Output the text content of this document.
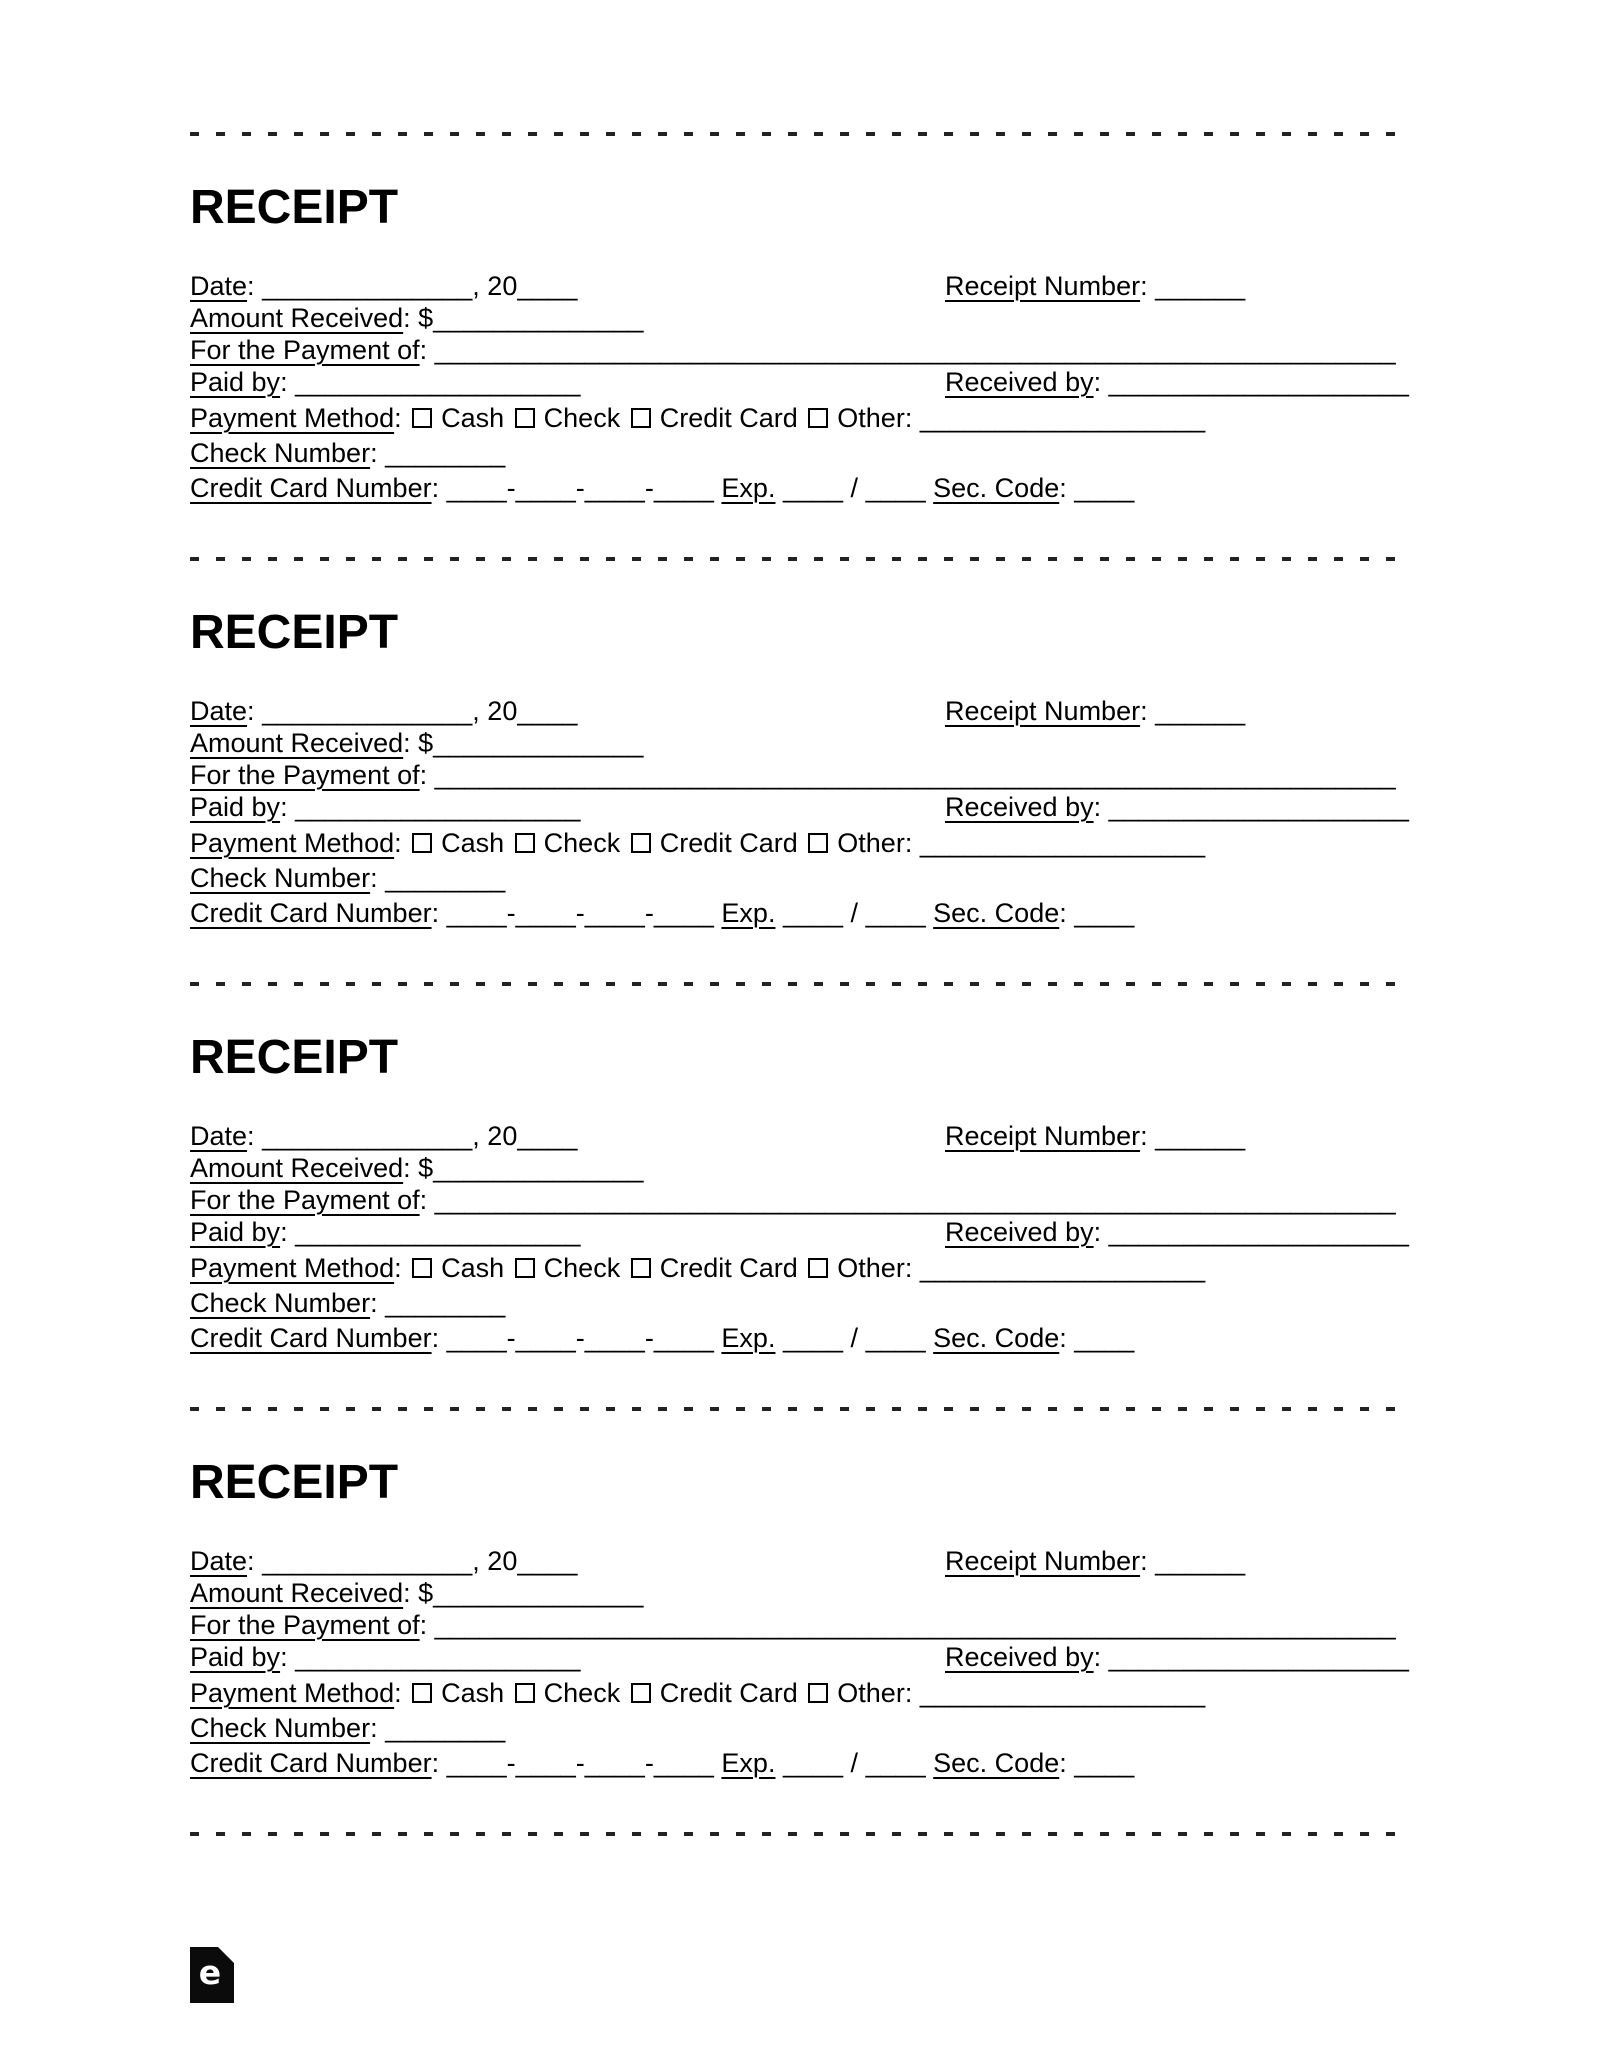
RECEIPT
Date: ______________, 20____	Receipt Number: ______
Amount Received: $______________
For the Payment of: ________________________________________________________________
Paid by: ___________________	Received by: ____________________
Payment Method: Cash Check Credit Card Other: ___________________
Check Number: ________
Credit Card Number: ____-____-____-____ Exp. ____ / ____ Sec. Code: ____
RECEIPT
Date: ______________, 20____	Receipt Number: ______
Amount Received: $______________
For the Payment of: ________________________________________________________________
Paid by: ___________________	Received by: ____________________
Payment Method: Cash Check Credit Card Other: ___________________
Check Number: ________
Credit Card Number: ____-____-____-____ Exp. ____ / ____ Sec. Code: ____
RECEIPT
Date: ______________, 20____	Receipt Number: ______
Amount Received: $______________
For the Payment of: ________________________________________________________________
Paid by: ___________________	Received by: ____________________
Payment Method: Cash Check Credit Card Other: ___________________
Check Number: ________
Credit Card Number: ____-____-____-____ Exp. ____ / ____ Sec. Code: ____
RECEIPT
Date: ______________, 20____	Receipt Number: ______
Amount Received: $______________
For the Payment of: ________________________________________________________________
Paid by: ___________________	Received by: ____________________
Payment Method: Cash Check Credit Card Other: ___________________
Check Number: ________
Credit Card Number: ____-____-____-____ Exp. ____ / ____ Sec. Code: ____
e
